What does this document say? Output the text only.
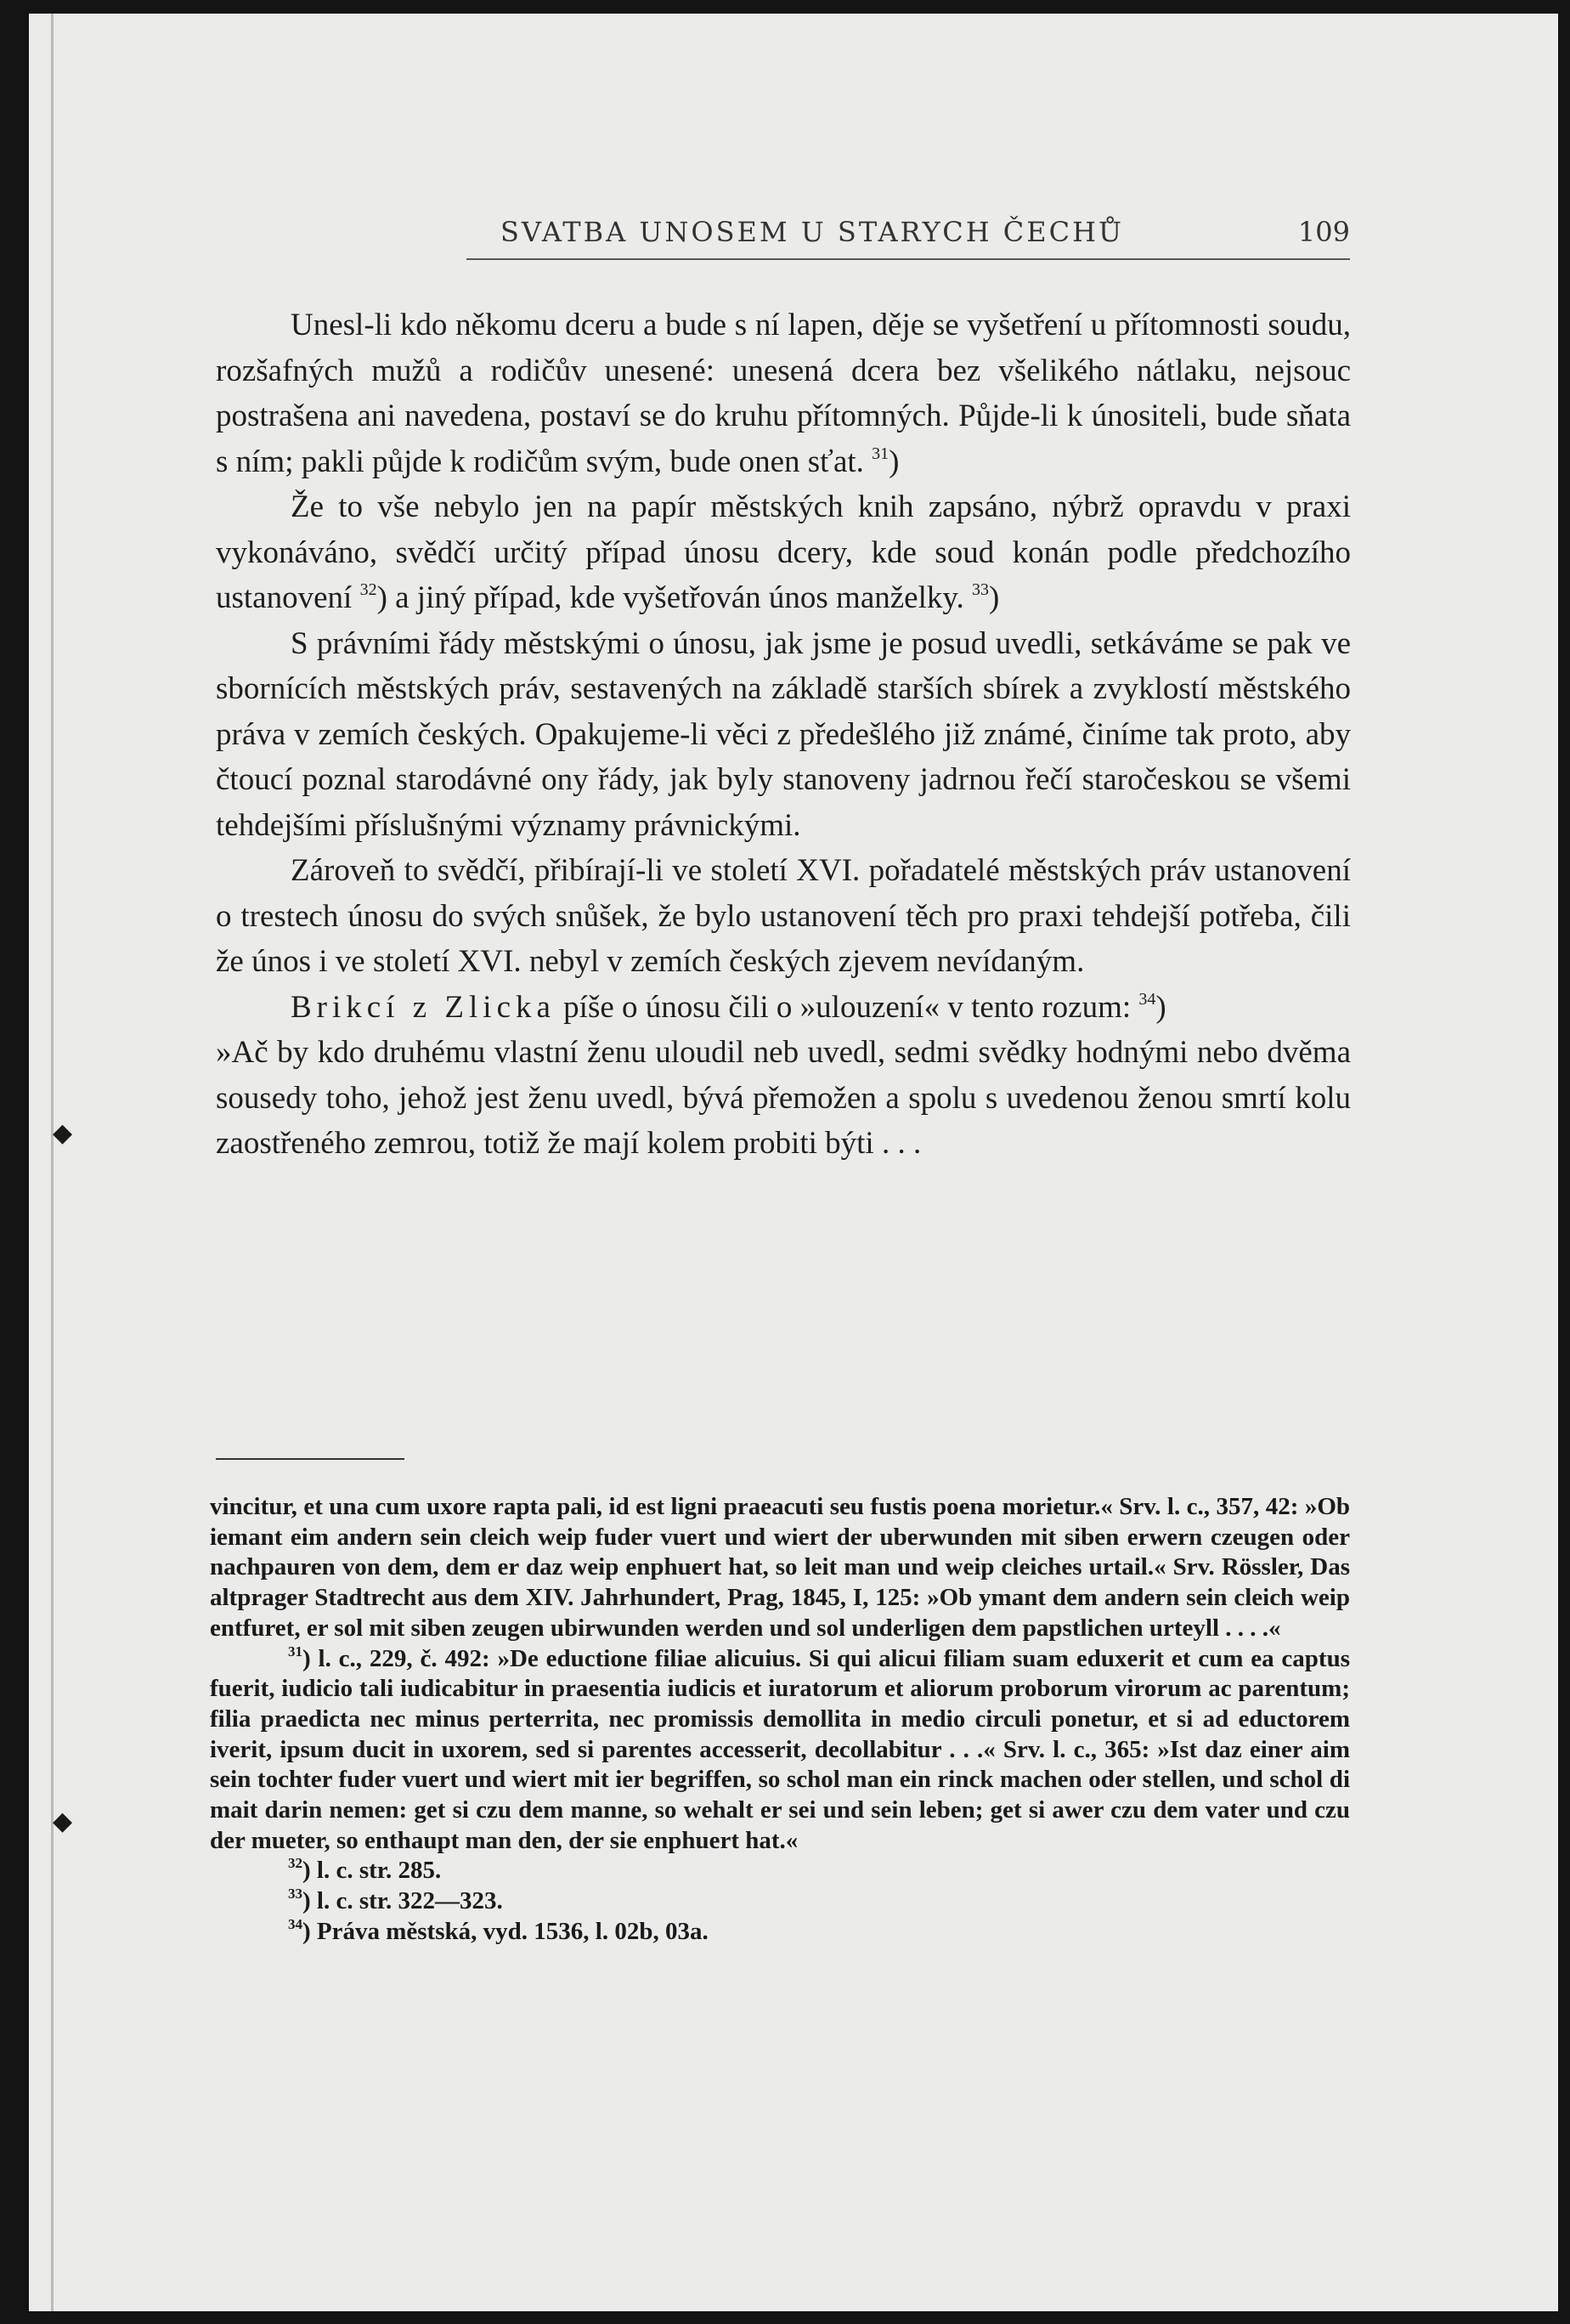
SVATBA UNOSEM U STARYCH ČECHŮ	109

Unesl-li kdo někomu dceru a bude s ní lapen, děje se vyšetření u přítomnosti soudu, rozšafných mužů a rodičův unesené: unesená dcera bez všelikého nátlaku, nejsouc postrašena ani navedena, postaví se do kruhu přítomných. Půjde-li k únositeli, bude sňata s ním; pakli půjde k rodičům svým, bude onen sťat. $^{31}$)

Že to vše nebylo jen na papír městských knih zapsáno, nýbrž opravdu v praxi vykonáváno, svědčí určitý případ únosu dcery, kde soud konán podle předchozího ustanovení $^{32}$) a jiný případ, kde vyšetřován únos manželky. $^{33}$)

S právními řády městskými o únosu, jak jsme je posud uvedli, setkáváme se pak ve sbornících městských práv, sestavených na základě starších sbírek a zvyklostí městského práva v zemích českých. Opakujeme-li věci z předešlého již známé, činíme tak proto, aby čtoucí poznal starodávné ony řády, jak byly stanoveny jadrnou řečí staročeskou se všemi tehdejšími příslušnými významy právnickými.

Zároveň to svědčí, přibírají-li ve století XVI. pořadatelé městských práv ustanovení o trestech únosu do svých snůšek, že bylo ustanovení těch pro praxi tehdejší potřeba, čili že únos i ve století XVI. nebyl v zemích českých zjevem nevídaným.

Brikcí z Zlicka píše o únosu čili o »ulouzení« v tento rozum: $^{34}$)

»Ač by kdo druhému vlastní ženu uloudil neb uvedl, sedmi svědky hodnými nebo dvěma sousedy toho, jehož jest ženu uvedl, bývá přemožen a spolu s uvedenou ženou smrtí kolu zaostřeného zemrou, totiž že mají kolem probiti býti . . .

vincitur, et una cum uxore rapta pali, id est ligni praeacuti seu fustis poena morietur.« Srv. l. c., 357, 42: »Ob iemant eim andern sein cleich weip fuder vuert und wiert der uberwunden mit siben erwern czeugen oder nachpauren von dem, dem er daz weip enphuert hat, so leit man und weip cleiches urtail.« Srv. Rössler, Das altprager Stadtrecht aus dem XIV. Jahrhundert, Prag, 1845, I, 125: »Ob ymant dem andern sein cleich weip entfuret, er sol mit siben zeugen ubirwunden werden und sol underligen dem papstlichen urteyll . . . .«

$^{31}$) l. c., 229, č. 492: »De eductione filiae alicuius. Si qui alicui filiam suam eduxerit et cum ea captus fuerit, iudicio tali iudicabitur in praesentia iudicis et iuratorum et aliorum proborum virorum ac parentum; filia praedicta nec minus perterrita, nec promissis demollita in medio circuli ponetur, et si ad eductorem iverit, ipsum ducit in uxorem, sed si parentes accesserit, decollabitur . . .« Srv. l. c., 365: »Ist daz einer aim sein tochter fuder vuert und wiert mit ier begriffen, so schol man ein rinck machen oder stellen, und schol di mait darin nemen: get si czu dem manne, so wehalt er sei und sein leben; get si awer czu dem vater und czu der mueter, so enthaupt man den, der sie enphuert hat.«

$^{32}$) l. c. str. 285.

$^{33}$) l. c. str. 322—323.

$^{34}$) Práva městská, vyd. 1536, l. 02b, 03a.

◆
◆
